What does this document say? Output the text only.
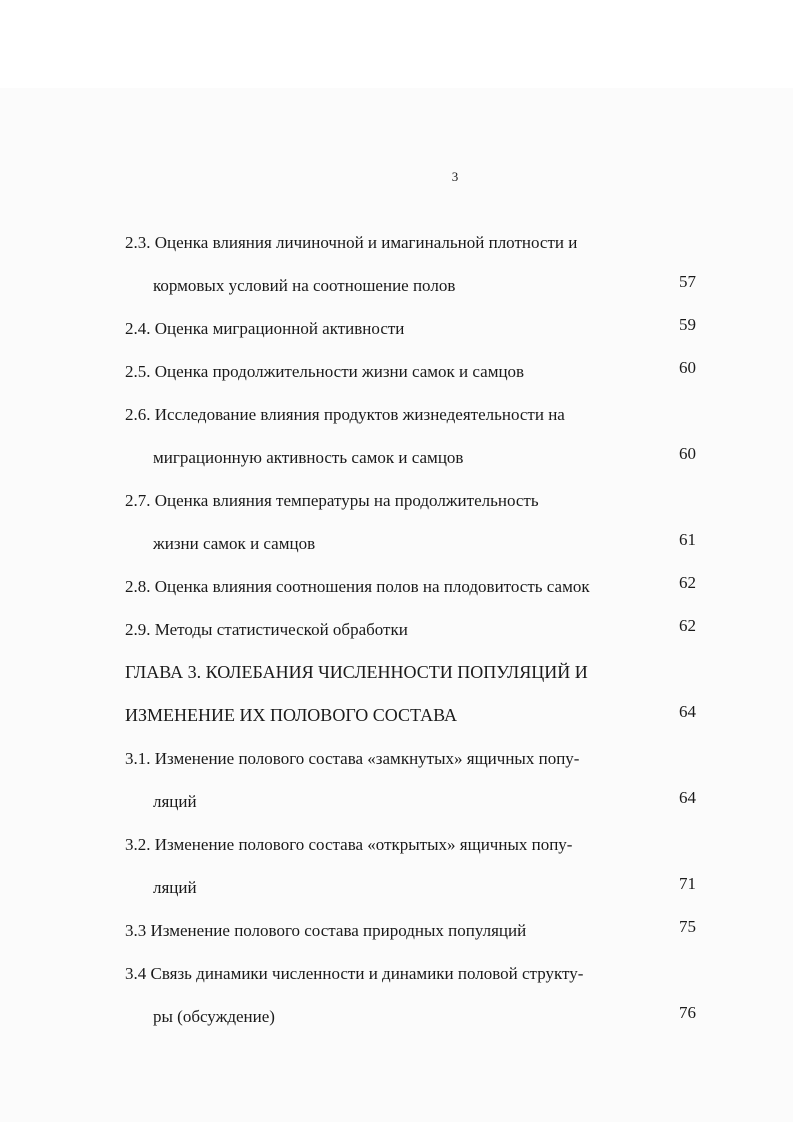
3
2.3. Оценка влияния личиночной и имагинальной плотности и
кормовых условий на соотношение полов	57
2.4. Оценка миграционной активности	59
2.5. Оценка продолжительности жизни самок и самцов	60
2.6. Исследование влияния продуктов жизнедеятельности на
миграционную активность самок и самцов	60
2.7. Оценка влияния температуры на продолжительность
жизни самок и самцов	61
2.8. Оценка влияния соотношения полов на плодовитость самок	62
2.9. Методы статистической обработки	62
ГЛАВА 3. КОЛЕБАНИЯ ЧИСЛЕННОСТИ ПОПУЛЯЦИЙ И
ИЗМЕНЕНИЕ ИХ ПОЛОВОГО СОСТАВА	64
3.1. Изменение полового состава «замкнутых» ящичных попу-
ляций	64
3.2. Изменение полового состава «открытых» ящичных попу-
ляций	71
3.3 Изменение полового состава природных популяций	75
3.4 Связь динамики численности и динамики половой структу-
ры (обсуждение)	76
